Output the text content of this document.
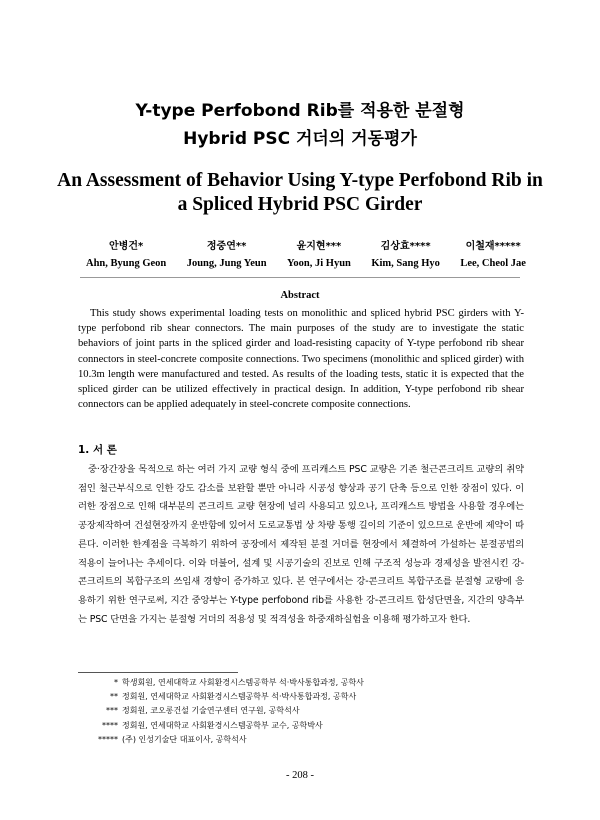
Y-type Perfobond Rib를 적용한 분절형
Hybrid PSC 거더의 거동평가
An Assessment of Behavior Using Y-type Perfobond Rib in
a Spliced Hybrid PSC Girder
안병건*
Ahn, Byung Geon
정중연**
Joung, Jung Yeun
윤지현***
Yoon, Ji Hyun
김상효****
Kim, Sang Hyo
이철재*****
Lee, Cheol Jae
Abstract
This study shows experimental loading tests on monolithic and spliced hybrid PSC girders with Y-type perfobond rib shear connectors. The main purposes of the study are to investigate the static behaviors of joint parts in the spliced girder and load-resisting capacity of Y-type perfobond rib shear connectors in steel-concrete composite connections. Two specimens (monolithic and spliced girder) with 10.3m length were manufactured and tested. As results of the loading tests, static it is expected that the spliced girder can be utilized effectively in practical design. In addition, Y-type perfobond rib shear connectors can be applied adequately in steel-concrete composite connections.
1. 서 론
중·장간장을 목적으로 하는 여러 가지 교량 형식 중에 프리캐스트 PSC 교량은 기존 철근콘크리트 교량의 취약점인 철근부식으로 인한 강도 감소를 보완할 뿐만 아니라 시공성 향상과 공기 단축 등으로 인한 장점이 있다. 이러한 장점으로 인해 대부분의 콘크리트 교량 현장에 널리 사용되고 있으나, 프리캐스트 방법을 사용할 경우에는 공장제작하여 건설현장까지 운반함에 있어서 도로교통법 상 차량 통행 길이의 기준이 있으므로 운반에 제약이 따른다. 이러한 한계점을 극복하기 위하여 공장에서 제작된 분절 거더를 현장에서 체결하여 가설하는 분절공법의 적용이 늘어나는 추세이다. 이와 더불어, 설계 및 시공기술의 진보로 인해 구조적 성능과 경제성을 발전시킨 강-콘크리트의 복합구조의 쓰임새 경향이 증가하고 있다. 본 연구에서는 강-콘크리트 복합구조를 분절형 교량에 응용하기 위한 연구로써, 지간 중앙부는 Y-type perfobond rib를 사용한 강-콘크리트 합성단면을, 지간의 양측부는 PSC 단면을 가지는 분절형 거더의 적용성 및 적격성을 하중재하실험을 이용해 평가하고자 한다.
* 학생회원, 연세대학교 사회환경시스템공학부 석·박사통합과정, 공학사
** 정회원, 연세대학교 사회환경시스템공학부 석·박사통합과정, 공학사
*** 정회원, 코오롱건설 기술연구센터 연구원, 공학석사
**** 정회원, 연세대학교 사회환경시스템공학부 교수, 공학박사
***** (주) 인성기술단 대표이사, 공학석사
- 208 -
